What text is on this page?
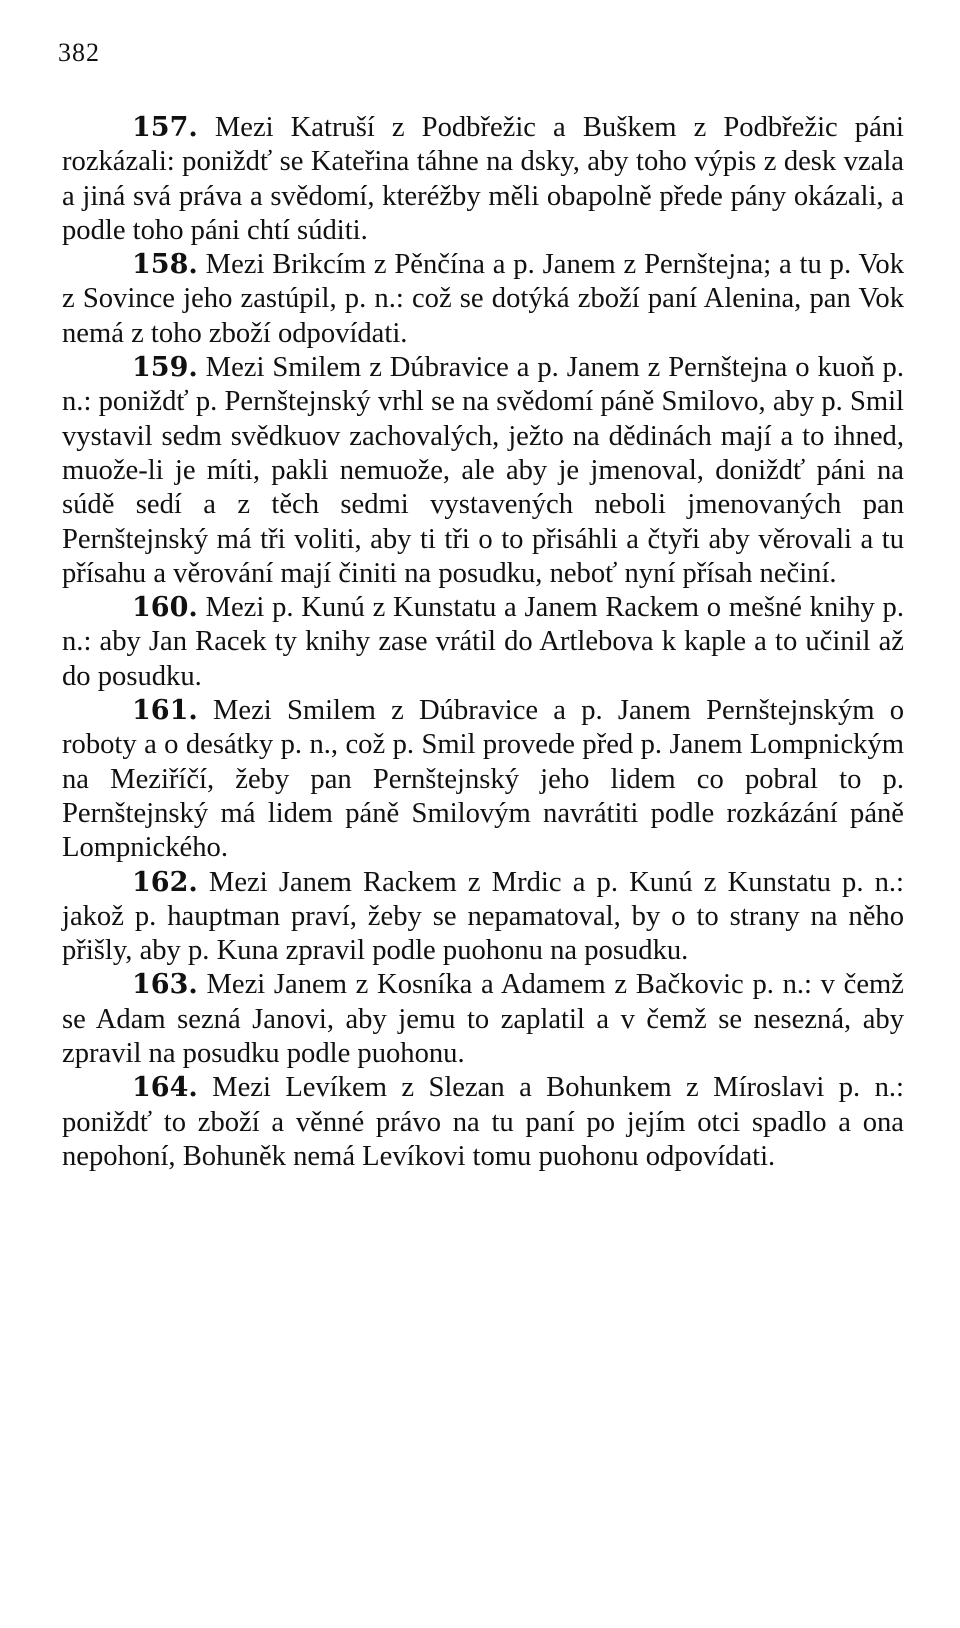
382

157. Mezi Katruší z Podbřežic a Buškem z Podbřežic páni rozkázali: poniždť se Kateřina táhne na dsky, aby toho výpis z desk vzala a jiná svá práva a svědomí, kteréžby měli obapolně přede pány okázali, a podle toho páni chtí súditi.

158. Mezi Brikcím z Pěnčína a p. Janem z Pernštejna; a tu p. Vok z Sovince jeho zastúpil, p. n.: což se dotýká zboží paní Alenina, pan Vok nemá z toho zboží odpovídati.

159. Mezi Smilem z Dúbravice a p. Janem z Pernštejna o kuoň p. n.: poniždť p. Pernštejnský vrhl se na svědomí páně Smilovo, aby p. Smil vystavil sedm svědkuov zachovalých, ježto na dědinách mají a to ihned, muože-li je míti, pakli nemuože, ale aby je jmenoval, doniždť páni na súdě sedí a z těch sedmi vystavených neboli jmenovaných pan Pernštejnský má tři voliti, aby ti tři o to přisáhli a čtyři aby věrovali a tu přísahu a věrování mají činiti na posudku, neboť nyní přísah nečiní.

160. Mezi p. Kunú z Kunstatu a Janem Rackem o mešné knihy p. n.: aby Jan Racek ty knihy zase vrátil do Artlebova k kaple a to učinil až do posudku.

161. Mezi Smilem z Dúbravice a p. Janem Pernštejnským o roboty a o desátky p. n., což p. Smil provede před p. Janem Lompnickým na Meziříčí, žeby pan Pernštejnský jeho lidem co pobral to p. Pernštejnský má lidem páně Smilovým navrátiti podle rozkázání páně Lompnického.

162. Mezi Janem Rackem z Mrdic a p. Kunú z Kunstatu p. n.: jakož p. hauptman praví, žeby se nepamatoval, by o to strany na něho přišly, aby p. Kuna zpravil podle puohonu na posudku.

163. Mezi Janem z Kosníka a Adamem z Bačkovic p. n.: v čemž se Adam sezná Janovi, aby jemu to zaplatil a v čemž se nesezná, aby zpravil na posudku podle puohonu.

164. Mezi Levíkem z Slezan a Bohunkem z Míroslavi p. n.: poniždť to zboží a věnné právo na tu paní po jejím otci spadlo a ona nepohoní, Bohuněk nemá Levíkovi tomu puohonu odpovídati.
